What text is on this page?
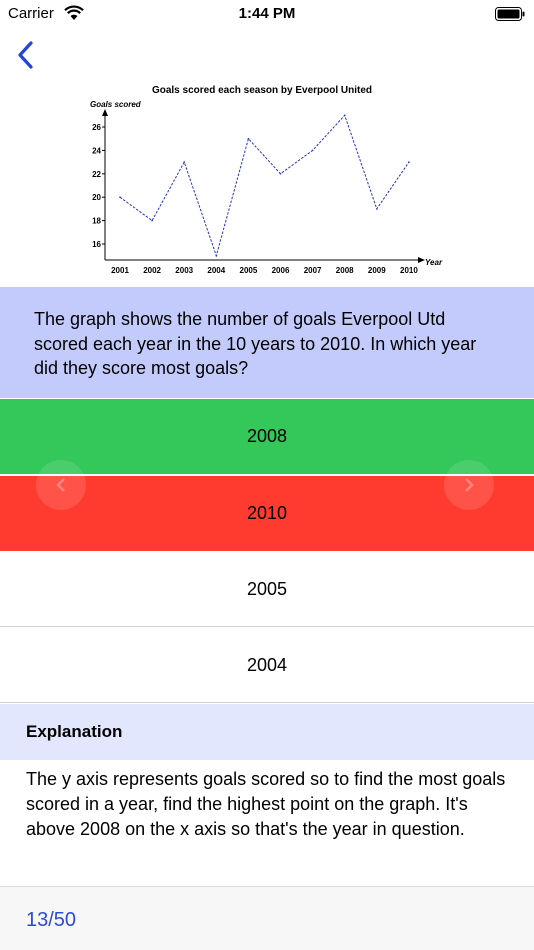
Carrier	1:44 PM
Goals scored each season by Everpool United
Goals scored
Year
16
18
20
22
24
26
2001 2002 2003 2004 2005 2006 2007 2008 2009 2010
The graph shows the number of goals Everpool Utd scored each year in the 10 years to 2010. In which year did they score most goals?
2008
2010
2005
2004
Explanation
The y axis represents goals scored so to find the most goals scored in a year, find the highest point on the graph. It's above 2008 on the x axis so that's the year in question.
13/50
